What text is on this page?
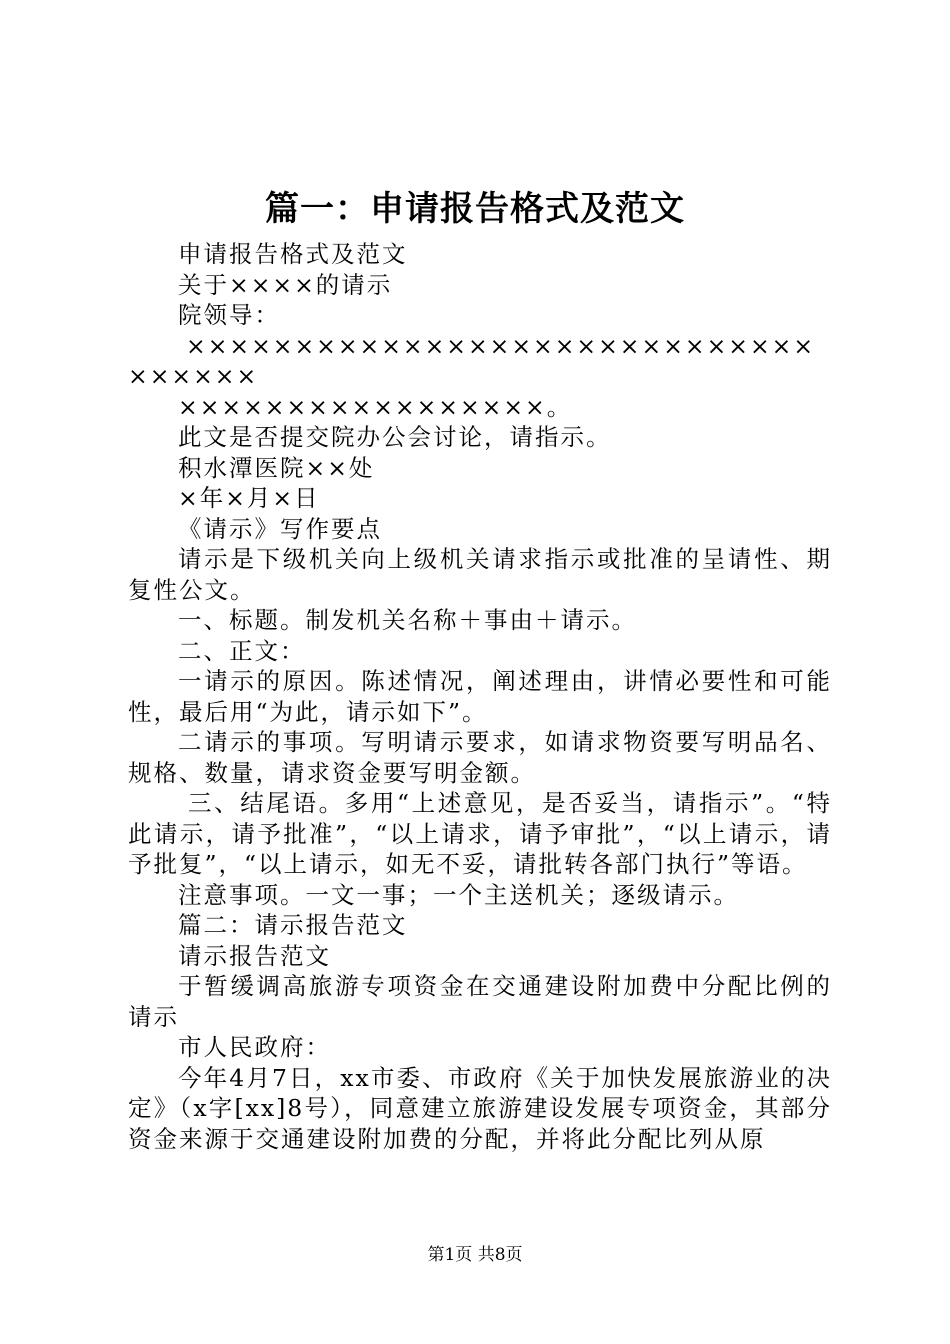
篇一：申请报告格式及范文

申请报告格式及范文

关于××××的请示

院领导：

×××××××××××××××××××××××××××××××××××

×××××××××××××××××。

此文是否提交院办公会讨论，请指示。

积水潭医院××处

×年×月×日

《请示》写作要点

请示是下级机关向上级机关请求指示或批准的呈请性、期复性公文。

一、标题。制发机关名称＋事由＋请示。

二、正文：

一请示的原因。陈述情况，阐述理由，讲情必要性和可能性，最后用“为此，请示如下”。

二请示的事项。写明请示要求，如请求物资要写明品名、规格、数量，请求资金要写明金额。

三、结尾语。多用“上述意见，是否妥当，请指示”。“特此请示，请予批准”，“以上请求，请予审批”，“以上请示，请予批复”，“以上请示，如无不妥，请批转各部门执行”等语。

注意事项。一文一事；一个主送机关；逐级请示。

篇二：请示报告范文

请示报告范文

于暂缓调高旅游专项资金在交通建设附加费中分配比例的请示

市人民政府：

今年4月7日，xx市委、市政府《关于加快发展旅游业的决定》（x字[xx]8号），同意建立旅游建设发展专项资金，其部分资金来源于交通建设附加费的分配，并将此分配比列从原

第1页 共8页
